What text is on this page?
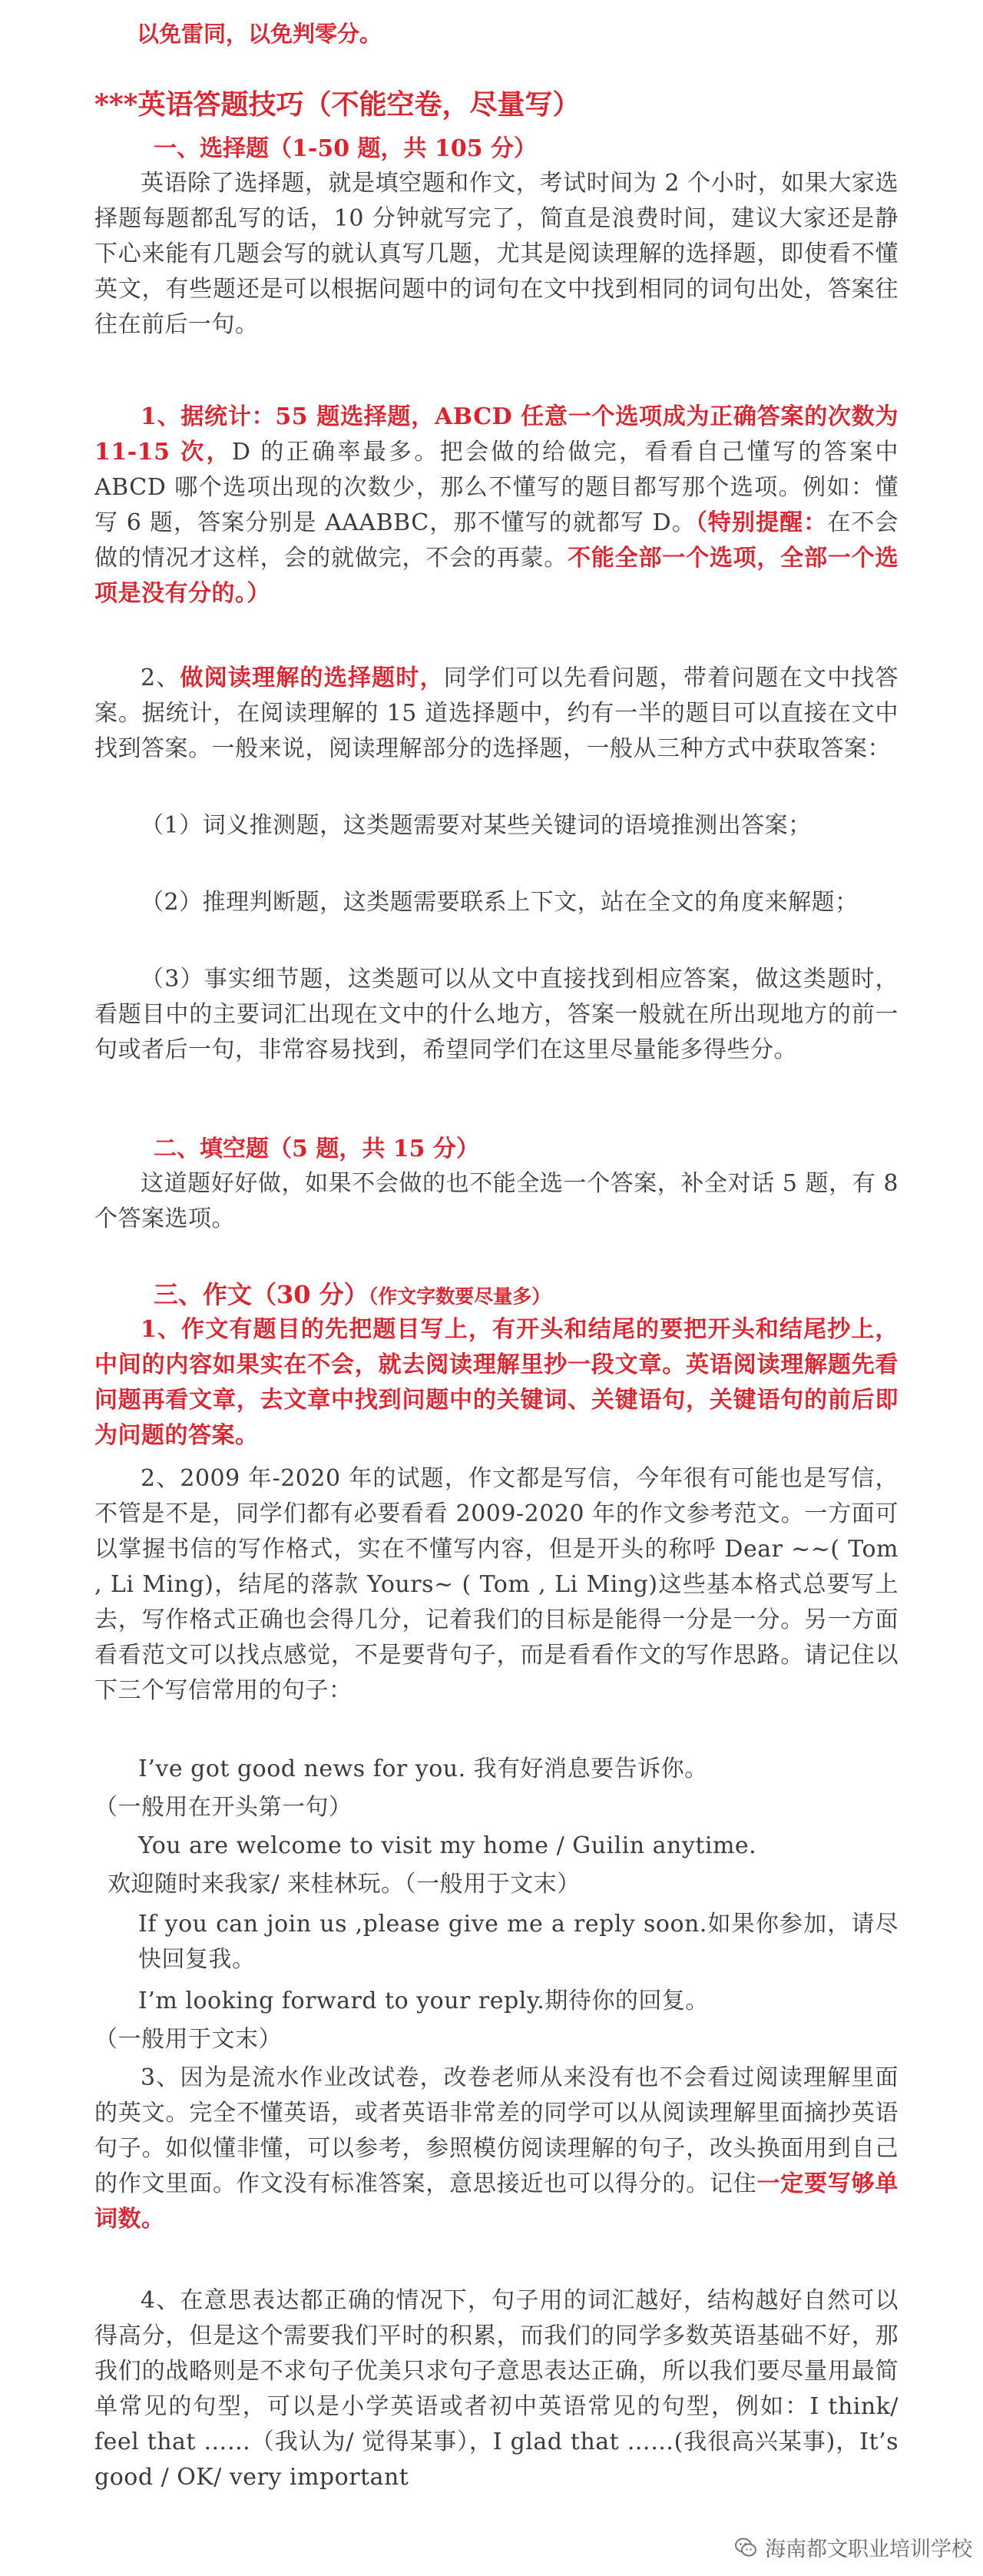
以免雷同，以免判零分。
***英语答题技巧（不能空卷，尽量写）
一、选择题（1-50 题，共 105 分）

英语除了选择题，就是填空题和作文，考试时间为 2 个小时，如果大家选择题每题都乱写的话，10 分钟就写完了，简直是浪费时间，建议大家还是静下心来能有几题会写的就认真写几题，尤其是阅读理解的选择题，即使看不懂英文，有些题还是可以根据问题中的词句在文中找到相同的词句出处，答案往往在前后一句。

1、据统计：55 题选择题，ABCD 任意一个选项成为正确答案的次数为 11-15 次，D 的正确率最多。把会做的给做完，看看自己懂写的答案中 ABCD 哪个选项出现的次数少，那么不懂写的题目都写那个选项。例如：懂写 6 题，答案分别是 AAABBC，那不懂写的就都写 D。（特别提醒：在不会做的情况才这样，会的就做完，不会的再蒙。不能全部一个选项，全部一个选项是没有分的。）

2、做阅读理解的选择题时，同学们可以先看问题，带着问题在文中找答案。据统计，在阅读理解的 15 道选择题中，约有一半的题目可以直接在文中找到答案。一般来说，阅读理解部分的选择题，一般从三种方式中获取答案：

（1）词义推测题，这类题需要对某些关键词的语境推测出答案；

（2）推理判断题，这类题需要联系上下文，站在全文的角度来解题；

（3）事实细节题，这类题可以从文中直接找到相应答案，做这类题时，看题目中的主要词汇出现在文中的什么地方，答案一般就在所出现地方的前一句或者后一句，非常容易找到，希望同学们在这里尽量能多得些分。

二、填空题（5 题，共 15 分）

这道题好好做，如果不会做的也不能全选一个答案，补全对话 5 题，有 8 个答案选项。

三、作文（30 分）（作文字数要尽量多）

1、作文有题目的先把题目写上，有开头和结尾的要把开头和结尾抄上，中间的内容如果实在不会，就去阅读理解里抄一段文章。英语阅读理解题先看问题再看文章，去文章中找到问题中的关键词、关键语句，关键语句的前后即为问题的答案。

2、2009 年-2020 年的试题，作文都是写信，今年很有可能也是写信，不管是不是，同学们都有必要看看 2009-2020 年的作文参考范文。一方面可以掌握书信的写作格式，实在不懂写内容，但是开头的称呼 Dear ~~( Tom , Li Ming)，结尾的落款 Yours~ ( Tom , Li Ming)这些基本格式总要写上去，写作格式正确也会得几分，记着我们的目标是能得一分是一分。另一方面看看范文可以找点感觉，不是要背句子，而是看看作文的写作思路。请记住以下三个写信常用的句子：

I’ve got good news for you. 我有好消息要告诉你。

（一般用在开头第一句）

You are welcome to visit my home / Guilin anytime.

欢迎随时来我家/ 来桂林玩。（一般用于文末）

If you can join us ,please give me a reply soon.如果你参加，请尽快回复我。

I’m looking forward to your reply.期待你的回复。

（一般用于文末）

3、因为是流水作业改试卷，改卷老师从来没有也不会看过阅读理解里面的英文。完全不懂英语，或者英语非常差的同学可以从阅读理解里面摘抄英语句子。如似懂非懂，可以参考，参照模仿阅读理解的句子，改头换面用到自己的作文里面。作文没有标准答案，意思接近也可以得分的。记住一定要写够单词数。

4、在意思表达都正确的情况下，句子用的词汇越好，结构越好自然可以得高分，但是这个需要我们平时的积累，而我们的同学多数英语基础不好，那我们的战略则是不求句子优美只求句子意思表达正确，所以我们要尽量用最简单常见的句型，可以是小学英语或者初中英语常见的句型，例如：I think/ feel that ……（我认为/ 觉得某事），I glad that ……(我很高兴某事)，It’s good / OK/ very important

海南都文职业培训学校
